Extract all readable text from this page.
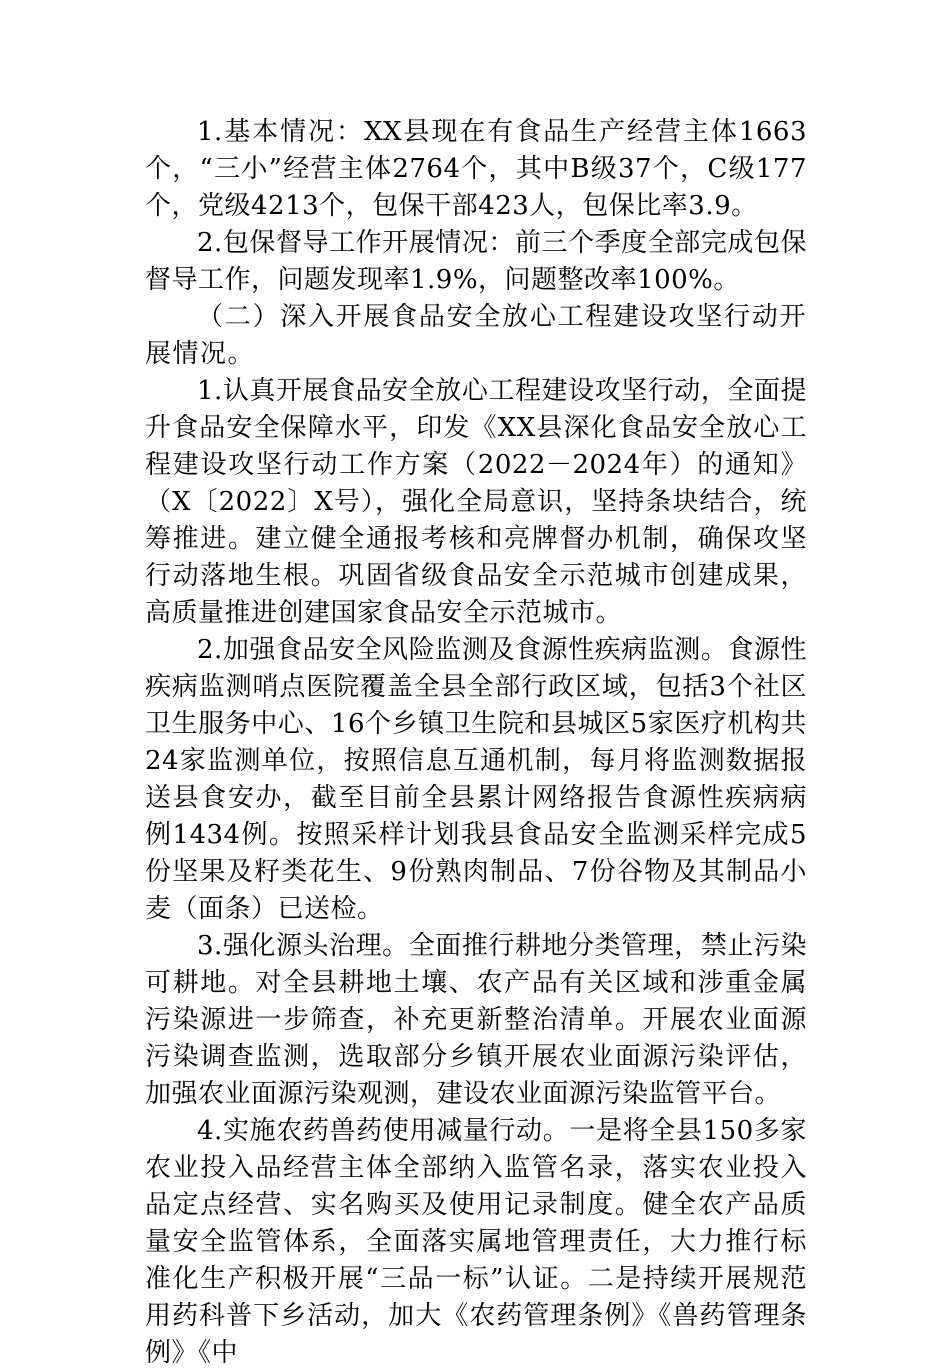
1.基本情况：XX县现在有食品生产经营主体1663个，“三小”经营主体2764个，其中B级37个，C级177个，党级4213个，包保干部423人，包保比率3.9。

2.包保督导工作开展情况：前三个季度全部完成包保督导工作，问题发现率1.9%，问题整改率100%。

（二）深入开展食品安全放心工程建设攻坚行动开展情况。

1.认真开展食品安全放心工程建设攻坚行动，全面提升食品安全保障水平，印发《XX县深化食品安全放心工程建设攻坚行动工作方案（2022－2024年）的通知》（X〔2022〕X号），强化全局意识，坚持条块结合，统筹推进。建立健全通报考核和亮牌督办机制，确保攻坚行动落地生根。巩固省级食品安全示范城市创建成果，高质量推进创建国家食品安全示范城市。

2.加强食品安全风险监测及食源性疾病监测。食源性疾病监测哨点医院覆盖全县全部行政区域，包括3个社区卫生服务中心、16个乡镇卫生院和县城区5家医疗机构共24家监测单位，按照信息互通机制，每月将监测数据报送县食安办，截至目前全县累计网络报告食源性疾病病例1434例。按照采样计划我县食品安全监测采样完成5份坚果及籽类花生、9份熟肉制品、7份谷物及其制品小麦（面条）已送检。

3.强化源头治理。全面推行耕地分类管理，禁止污染可耕地。对全县耕地土壤、农产品有关区域和涉重金属污染源进一步筛查，补充更新整治清单。开展农业面源污染调查监测，选取部分乡镇开展农业面源污染评估，加强农业面源污染观测，建设农业面源污染监管平台。

4.实施农药兽药使用减量行动。一是将全县150多家农业投入品经营主体全部纳入监管名录，落实农业投入品定点经营、实名购买及使用记录制度。健全农产品质量安全监管体系，全面落实属地管理责任，大力推行标准化生产积极开展“三品一标”认证。二是持续开展规范用药科普下乡活动，加大《农药管理条例》《兽药管理条例》《中
